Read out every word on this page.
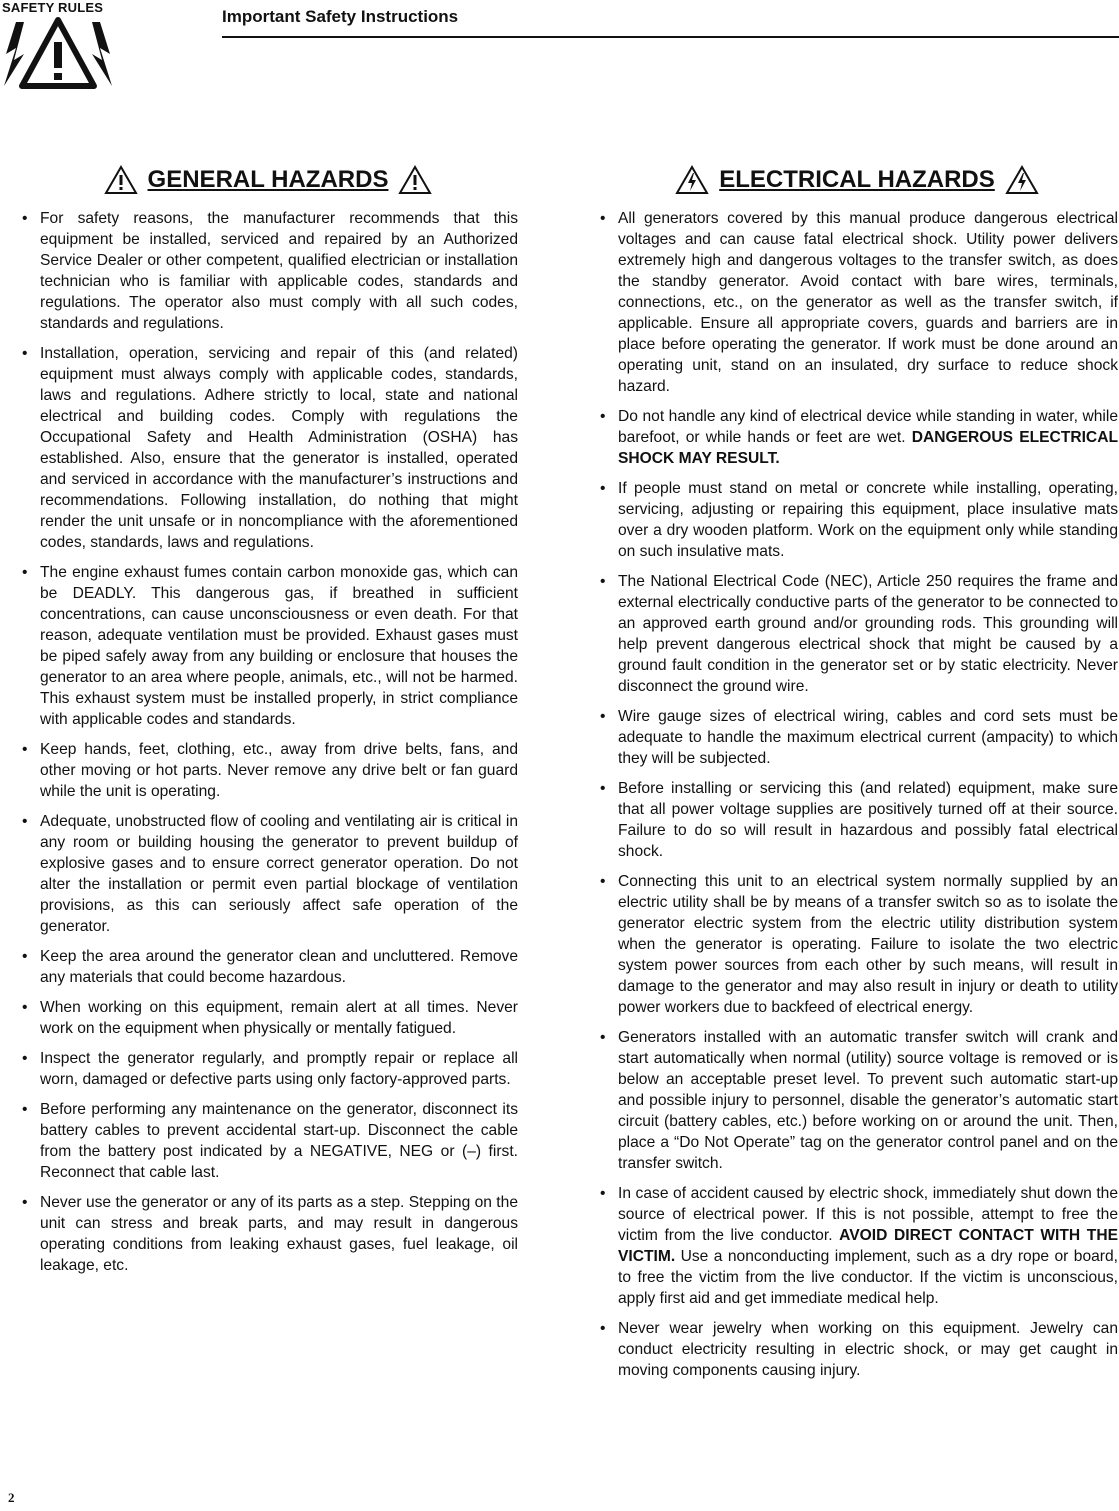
SAFETY RULES	Important Safety Instructions
GENERAL HAZARDS
• For safety reasons, the manufacturer recommends that this equipment be installed, serviced and repaired by an Authorized Service Dealer or other competent, qualified electrician or installation technician who is familiar with applicable codes, standards and regulations. The operator also must comply with all such codes, standards and regulations.
• Installation, operation, servicing and repair of this (and related) equipment must always comply with applicable codes, standards, laws and regulations. Adhere strictly to local, state and national electrical and building codes. Comply with regulations the Occupational Safety and Health Administration (OSHA) has established. Also, ensure that the generator is installed, operated and serviced in accordance with the manufacturer’s instructions and recommendations. Following installation, do nothing that might render the unit unsafe or in noncompliance with the aforementioned codes, standards, laws and regulations.
• The engine exhaust fumes contain carbon monoxide gas, which can be DEADLY. This dangerous gas, if breathed in sufficient concentrations, can cause unconsciousness or even death. For that reason, adequate ventilation must be provided. Exhaust gases must be piped safely away from any building or enclosure that houses the generator to an area where people, animals, etc., will not be harmed. This exhaust system must be installed properly, in strict compliance with applicable codes and standards.
• Keep hands, feet, clothing, etc., away from drive belts, fans, and other moving or hot parts. Never remove any drive belt or fan guard while the unit is operating.
• Adequate, unobstructed flow of cooling and ventilating air is critical in any room or building housing the generator to prevent buildup of explosive gases and to ensure correct generator operation. Do not alter the installation or permit even partial blockage of ventilation provisions, as this can seriously affect safe operation of the generator.
• Keep the area around the generator clean and uncluttered. Remove any materials that could become hazardous.
• When working on this equipment, remain alert at all times. Never work on the equipment when physically or mentally fatigued.
• Inspect the generator regularly, and promptly repair or replace all worn, damaged or defective parts using only factory-approved parts.
• Before performing any maintenance on the generator, disconnect its battery cables to prevent accidental start-up. Disconnect the cable from the battery post indicated by a NEGATIVE, NEG or (–) first. Reconnect that cable last.
• Never use the generator or any of its parts as a step. Stepping on the unit can stress and break parts, and may result in dangerous operating conditions from leaking exhaust gases, fuel leakage, oil leakage, etc.
ELECTRICAL HAZARDS
• All generators covered by this manual produce dangerous electrical voltages and can cause fatal electrical shock. Utility power delivers extremely high and dangerous voltages to the transfer switch, as does the standby generator. Avoid contact with bare wires, terminals, connections, etc., on the generator as well as the transfer switch, if applicable. Ensure all appropriate covers, guards and barriers are in place before operating the generator. If work must be done around an operating unit, stand on an insulated, dry surface to reduce shock hazard.
• Do not handle any kind of electrical device while standing in water, while barefoot, or while hands or feet are wet. DANGEROUS ELECTRICAL SHOCK MAY RESULT.
• If people must stand on metal or concrete while installing, operating, servicing, adjusting or repairing this equipment, place insulative mats over a dry wooden platform. Work on the equipment only while standing on such insulative mats.
• The National Electrical Code (NEC), Article 250 requires the frame and external electrically conductive parts of the generator to be connected to an approved earth ground and/or grounding rods. This grounding will help prevent dangerous electrical shock that might be caused by a ground fault condition in the generator set or by static electricity. Never disconnect the ground wire.
• Wire gauge sizes of electrical wiring, cables and cord sets must be adequate to handle the maximum electrical current (ampacity) to which they will be subjected.
• Before installing or servicing this (and related) equipment, make sure that all power voltage supplies are positively turned off at their source. Failure to do so will result in hazardous and possibly fatal electrical shock.
• Connecting this unit to an electrical system normally supplied by an electric utility shall be by means of a transfer switch so as to isolate the generator electric system from the electric utility distribution system when the generator is operating. Failure to isolate the two electric system power sources from each other by such means, will result in damage to the generator and may also result in injury or death to utility power workers due to backfeed of electrical energy.
• Generators installed with an automatic transfer switch will crank and start automatically when normal (utility) source voltage is removed or is below an acceptable preset level. To prevent such automatic start-up and possible injury to personnel, disable the generator’s automatic start circuit (battery cables, etc.) before working on or around the unit. Then, place a “Do Not Operate” tag on the generator control panel and on the transfer switch.
• In case of accident caused by electric shock, immediately shut down the source of electrical power. If this is not possible, attempt to free the victim from the live conductor. AVOID DIRECT CONTACT WITH THE VICTIM. Use a nonconducting implement, such as a dry rope or board, to free the victim from the live conductor. If the victim is unconscious, apply first aid and get immediate medical help.
• Never wear jewelry when working on this equipment. Jewelry can conduct electricity resulting in electric shock, or may get caught in moving components causing injury.
2
